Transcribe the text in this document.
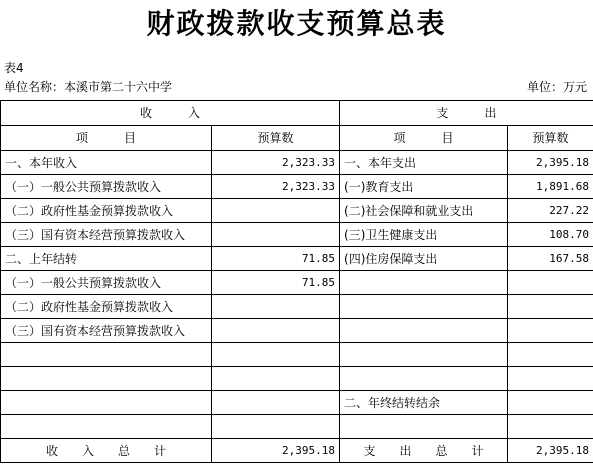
财政拨款收支预算总表
表4
单位名称：本溪市第二十六中学	单位：万元
收　　　入		支　　　出	
项　　　目	预算数	项　　　目	预算数
一、本年收入	2,323.33	一、本年支出	2,395.18
（一）一般公共预算拨款收入	2,323.33	(一)教育支出	1,891.68
（二）政府性基金预算拨款收入		(二)社会保障和就业支出	227.22
（三）国有资本经营预算拨款收入		(三)卫生健康支出	108.70
二、上年结转	71.85	(四)住房保障支出	167.58
（一）一般公共预算拨款收入	71.85		
（二）政府性基金预算拨款收入			
（三）国有资本经营预算拨款收入			

		二、年终结转结余	

收　　入　　总　　计	2,395.18	支　　出　　总　　计	2,395.18
